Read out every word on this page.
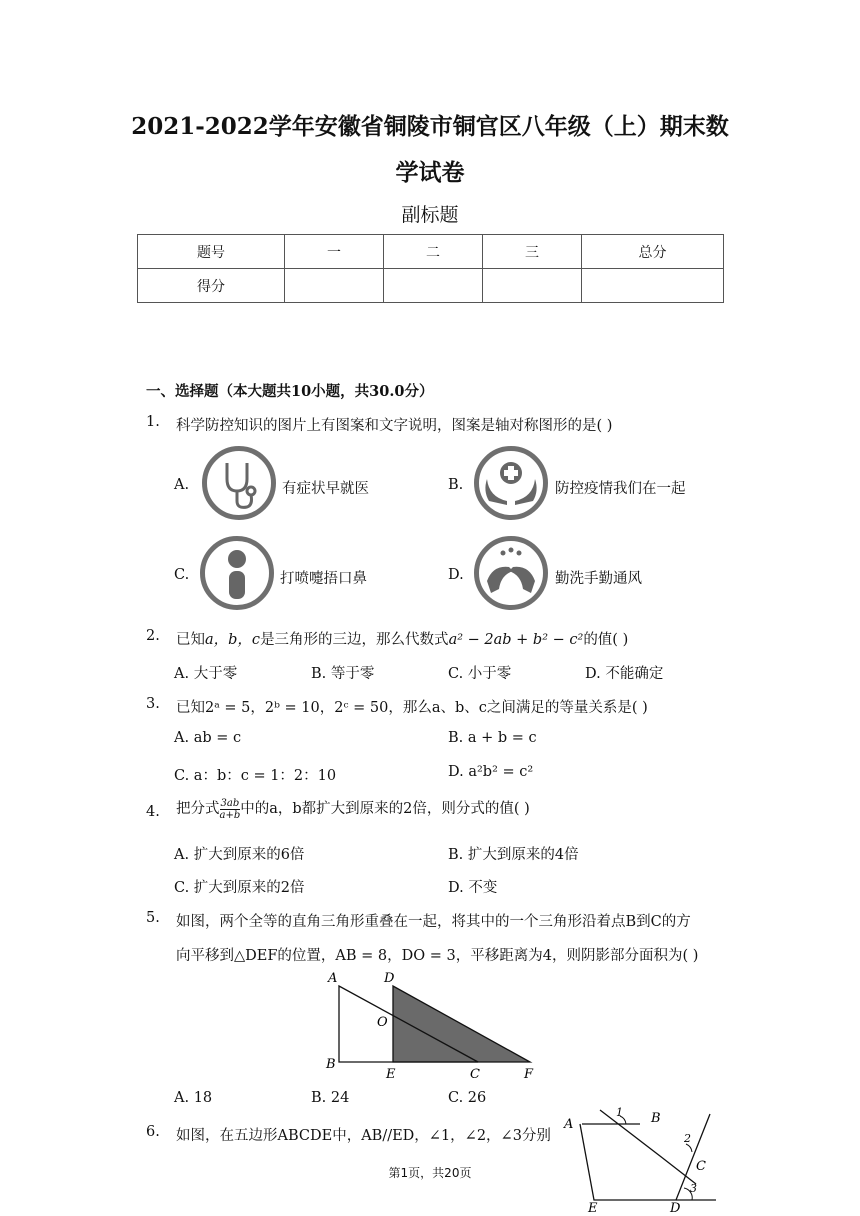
2021-2022学年安徽省铜陵市铜官区八年级（上）期末数
学试卷
副标题
题号	一	二	三	总分
得分				
一、选择题（本大题共10小题，共30.0分）
1. 科学防控知识的图片上有图案和文字说明，图案是轴对称图形的是( )
A.	有症状早就医	B.	防控疫情我们在一起
C.	打喷嚏捂口鼻	D.	勤洗手勤通风
2. 已知a，b，c是三角形的三边，那么代数式a² − 2ab + b² − c²的值( )
A. 大于零	B. 等于零	C. 小于零	D. 不能确定
3. 已知2ᵃ = 5，2ᵇ = 10，2ᶜ = 50，那么a、b、c之间满足的等量关系是( )
A. ab = c	B. a + b = c
C. a：b：c = 1：2：10	D. a²b² = c²
4. 把分式 $\frac{3ab}{a+b}$ 中的a，b都扩大到原来的2倍，则分式的值( )
A. 扩大到原来的6倍	B. 扩大到原来的4倍
C. 扩大到原来的2倍	D. 不变
5. 如图，两个全等的直角三角形重叠在一起，将其中的一个三角形沿着点B到C的方
向平移到△DEF的位置，AB = 8，DO = 3，平移距离为4，则阴影部分面积为( )
A	D
O
B
E	C	F
A. 18	B. 24	C. 26
6. 如图，在五边形ABCDE中，AB//ED，∠1，∠2，∠3分别
A	B
1
2
C
3
E	D
第1页，共20页
